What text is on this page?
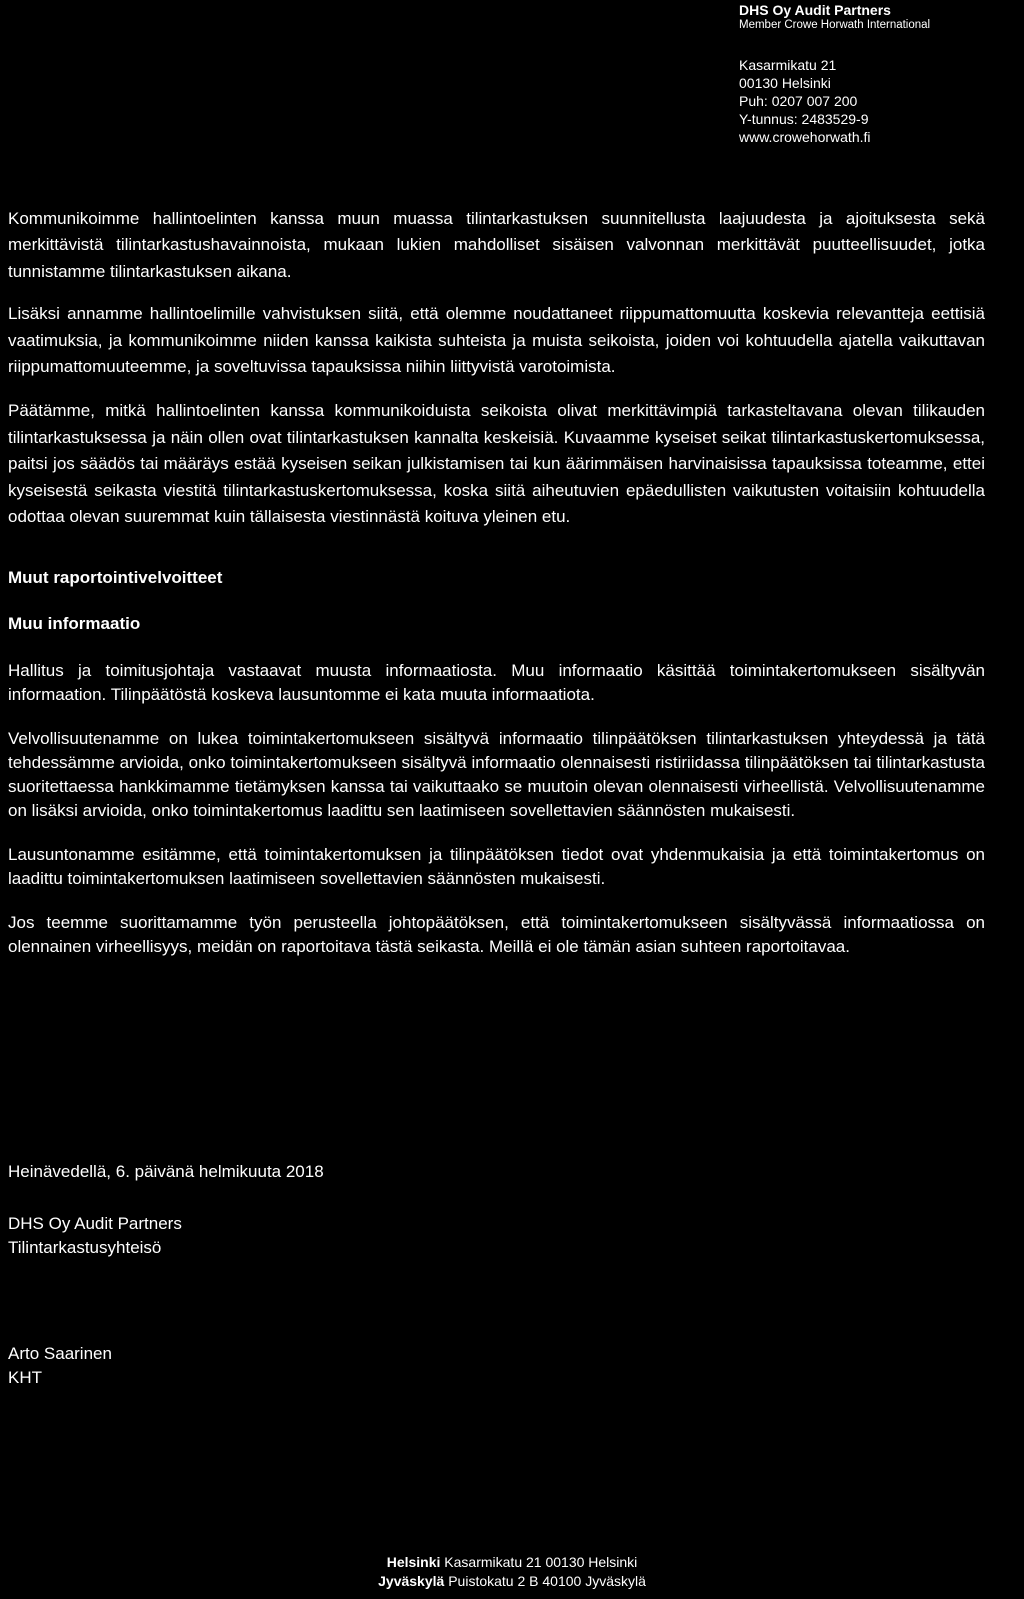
DHS Oy Audit Partners
Member Crowe Horwath International
Kasarmikatu 21
00130 Helsinki
Puh: 0207 007 200
Y-tunnus: 2483529-9
www.crowehorwath.fi

Kommunikoimme hallintoelinten kanssa muun muassa tilintarkastuksen suunnitellusta laajuudesta ja ajoituksesta sekä merkittävistä tilintarkastushavainnoista, mukaan lukien mahdolliset sisäisen valvonnan merkittävät puutteellisuudet, jotka tunnistamme tilintarkastuksen aikana.

Lisäksi annamme hallintoelimille vahvistuksen siitä, että olemme noudattaneet riippumattomuutta koskevia relevantteja eettisiä vaatimuksia, ja kommunikoimme niiden kanssa kaikista suhteista ja muista seikoista, joiden voi kohtuudella ajatella vaikuttavan riippumattomuuteemme, ja soveltuvissa tapauksissa niihin liittyvistä varotoimista.

Päätämme, mitkä hallintoelinten kanssa kommunikoiduista seikoista olivat merkittävimpiä tarkasteltavana olevan tilikauden tilintarkastuksessa ja näin ollen ovat tilintarkastuksen kannalta keskeisiä. Kuvaamme kyseiset seikat tilintarkastuskertomuksessa, paitsi jos säädös tai määräys estää kyseisen seikan julkistamisen tai kun äärimmäisen harvinaisissa tapauksissa toteamme, ettei kyseisestä seikasta viestitä tilintarkastuskertomuksessa, koska siitä aiheutuvien epäedullisten vaikutusten voitaisiin kohtuudella odottaa olevan suuremmat kuin tällaisesta viestinnästä koituva yleinen etu.

Muut raportointivelvoitteet
Muu informaatio

Hallitus ja toimitusjohtaja vastaavat muusta informaatiosta. Muu informaatio käsittää toimintakertomukseen sisältyvän informaation. Tilinpäätöstä koskeva lausuntomme ei kata muuta informaatiota.

Velvollisuutenamme on lukea toimintakertomukseen sisältyvä informaatio tilinpäätöksen tilintarkastuksen yhteydessä ja tätä tehdessämme arvioida, onko toimintakertomukseen sisältyvä informaatio olennaisesti ristiriidassa tilinpäätöksen tai tilintarkastusta suoritettaessa hankkimamme tietämyksen kanssa tai vaikuttaako se muutoin olevan olennaisesti virheellistä. Velvollisuutenamme on lisäksi arvioida, onko toimintakertomus laadittu sen laatimiseen sovellettavien säännösten mukaisesti.

Lausuntonamme esitämme, että toimintakertomuksen ja tilinpäätöksen tiedot ovat yhdenmukaisia ja että toimintakertomus on laadittu toimintakertomuksen laatimiseen sovellettavien säännösten mukaisesti.

Jos teemme suorittamamme työn perusteella johtopäätöksen, että toimintakertomukseen sisältyvässä informaatiossa on olennainen virheellisyys, meidän on raportoitava tästä seikasta. Meillä ei ole tämän asian suhteen raportoitavaa.

Heinävedellä, 6. päivänä helmikuuta 2018
DHS Oy Audit Partners
Tilintarkastusyhteisö
Arto Saarinen
KHT
Helsinki Kasarmikatu 21 00130 Helsinki
Jyväskylä Puistokatu 2 B 40100 Jyväskylä
